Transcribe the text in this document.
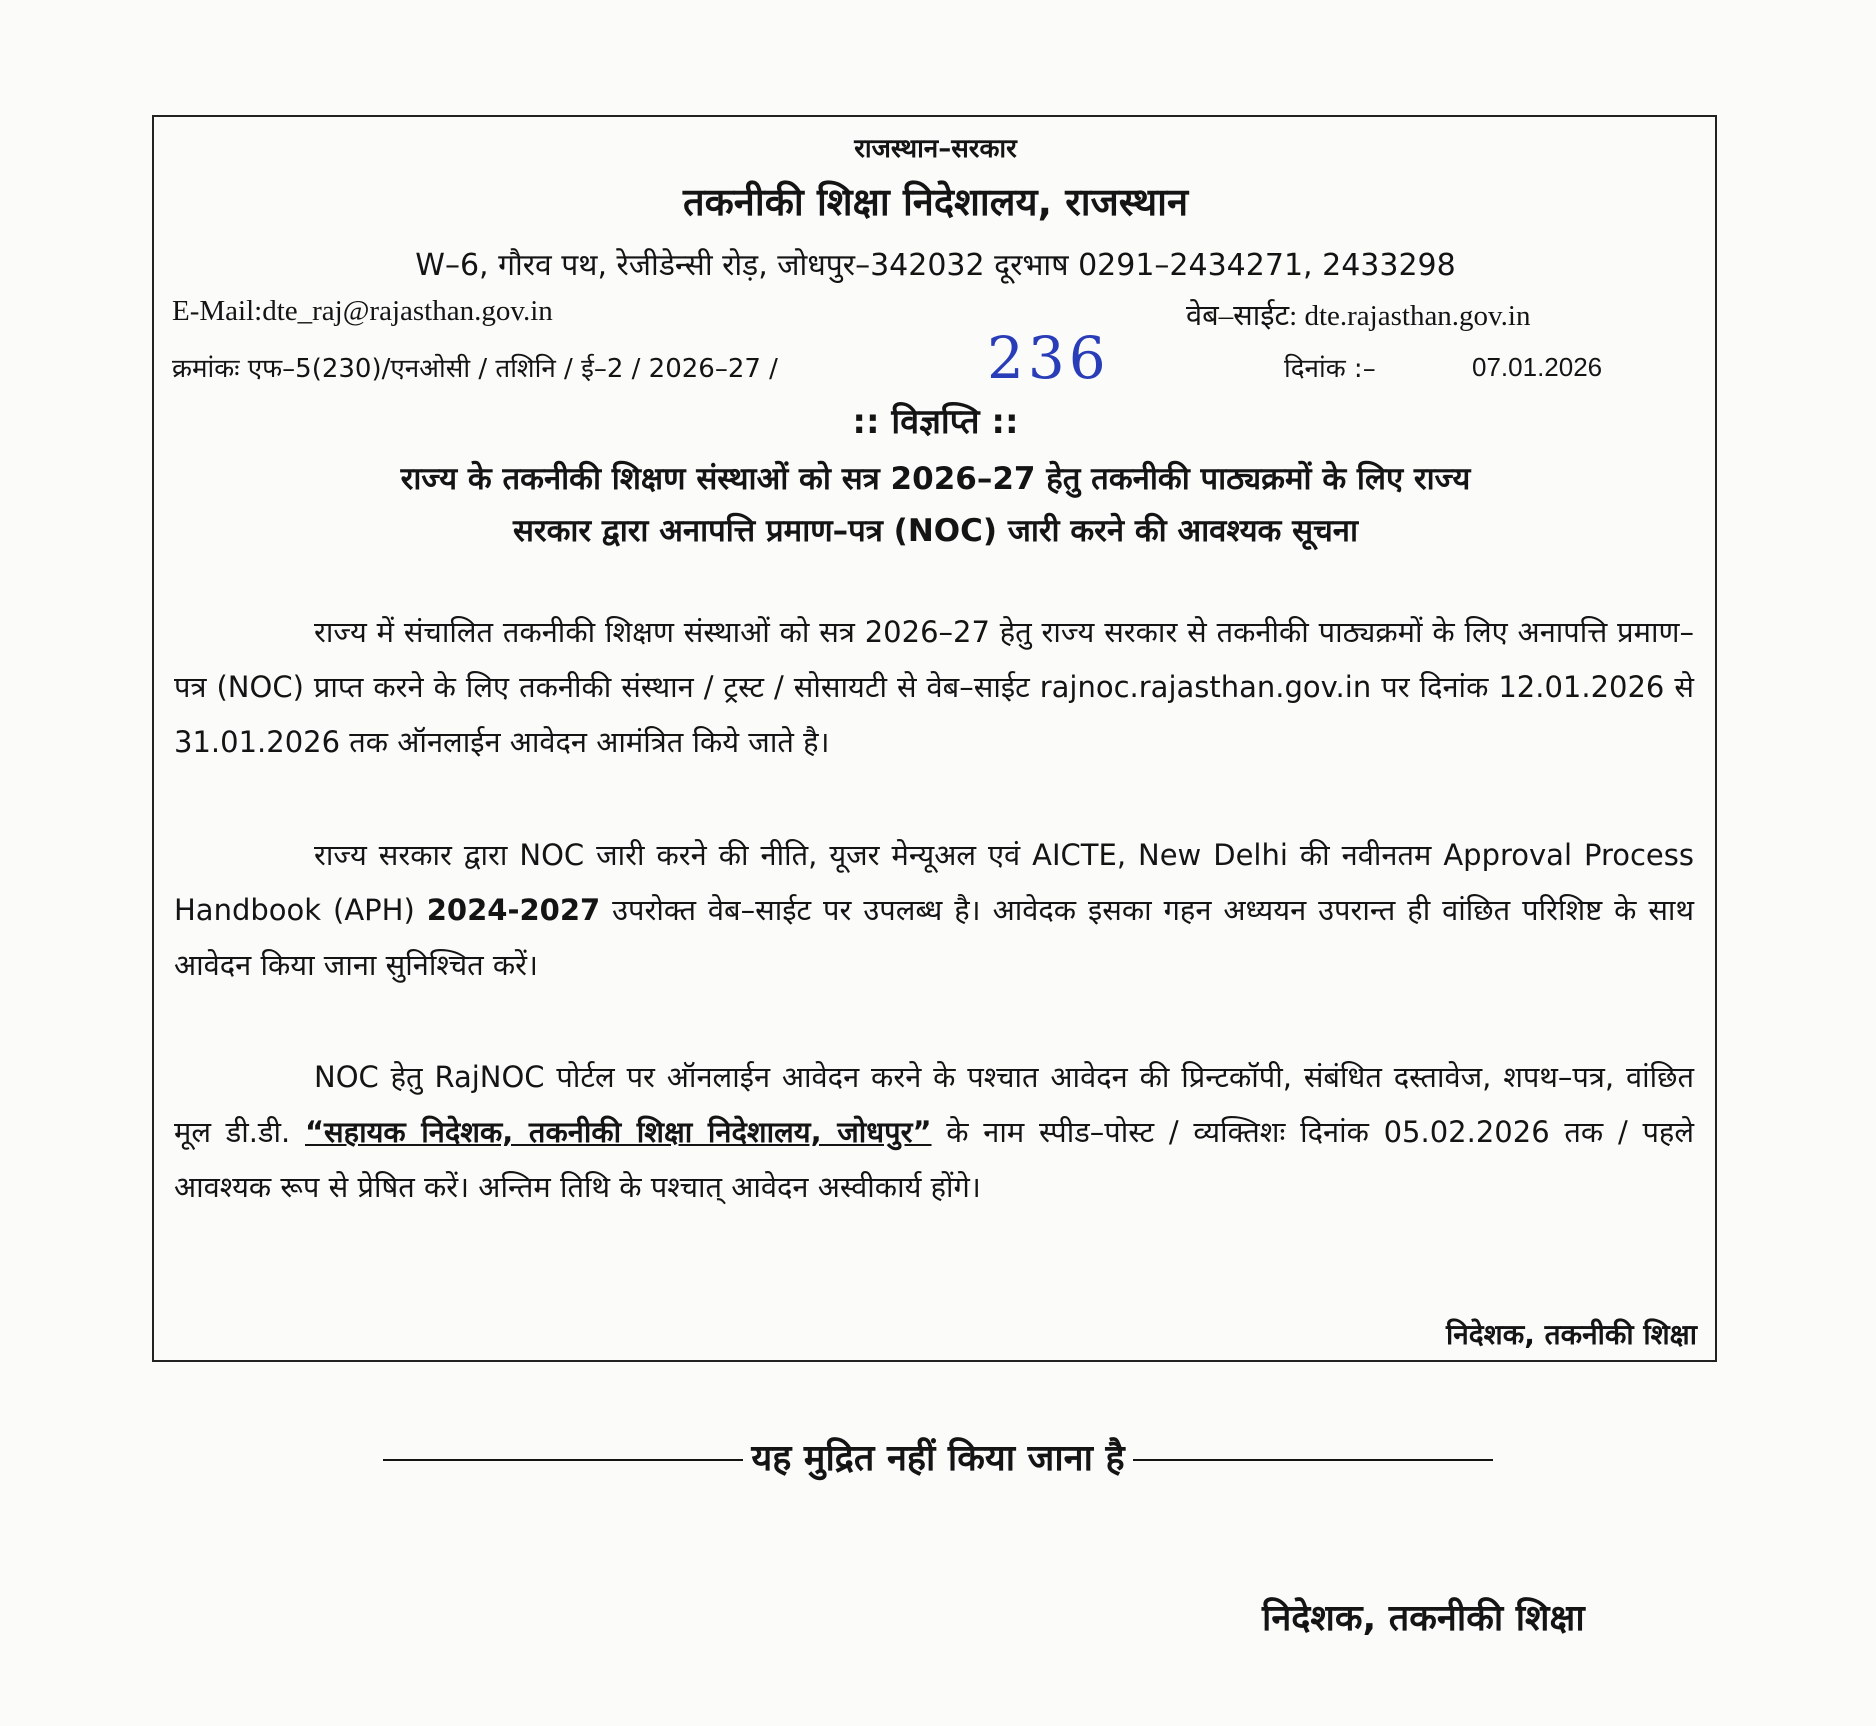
राजस्थान–सरकार

तकनीकी शिक्षा निदेशालय, राजस्थान

W–6, गौरव पथ, रेजीडेन्सी रोड़, जोधपुर–342032 दूरभाष 0291–2434271, 2433298

E-Mail:dte_raj@rajasthan.gov.in	वेब–साईट: dte.rajasthan.gov.in

क्रमांकः एफ–5(230)/एनओसी / तशिनि / ई–2 / 2026–27 /	236	दिनांक :–	07.01.2026

:: विज्ञप्ति ::

राज्य के तकनीकी शिक्षण संस्थाओं को सत्र 2026–27 हेतु तकनीकी पाठ्यक्रमों के लिए राज्य

सरकार द्वारा अनापत्ति प्रमाण–पत्र (NOC) जारी करने की आवश्यक सूचना

राज्य में संचालित तकनीकी शिक्षण संस्थाओं को सत्र 2026–27 हेतु राज्य सरकार से तकनीकी पाठ्यक्रमों के लिए अनापत्ति प्रमाण–पत्र (NOC) प्राप्त करने के लिए तकनीकी संस्थान / ट्रस्ट / सोसायटी से वेब–साईट rajnoc.rajasthan.gov.in पर दिनांक 12.01.2026 से 31.01.2026 तक ऑनलाईन आवेदन आमंत्रित किये जाते है।

राज्य सरकार द्वारा NOC जारी करने की नीति, यूजर मेन्यूअल एवं AICTE, New Delhi की नवीनतम Approval Process Handbook (APH) 2024-2027 उपरोक्त वेब–साईट पर उपलब्ध है। आवेदक इसका गहन अध्ययन उपरान्त ही वांछित परिशिष्ट के साथ आवेदन किया जाना सुनिश्चित करें।

NOC हेतु RajNOC पोर्टल पर ऑनलाईन आवेदन करने के पश्चात आवेदन की प्रिन्टकॉपी, संबंधित दस्तावेज, शपथ–पत्र, वांछित मूल डी.डी. “सहायक निदेशक, तकनीकी शिक्षा निदेशालय, जोधपुर” के नाम स्पीड–पोस्ट / व्यक्तिशः दिनांक 05.02.2026 तक / पहले आवश्यक रूप से प्रेषित करें। अन्तिम तिथि के पश्चात् आवेदन अस्वीकार्य होंगे।

निदेशक, तकनीकी शिक्षा

यह मुद्रित नहीं किया जाना है

निदेशक, तकनीकी शिक्षा
